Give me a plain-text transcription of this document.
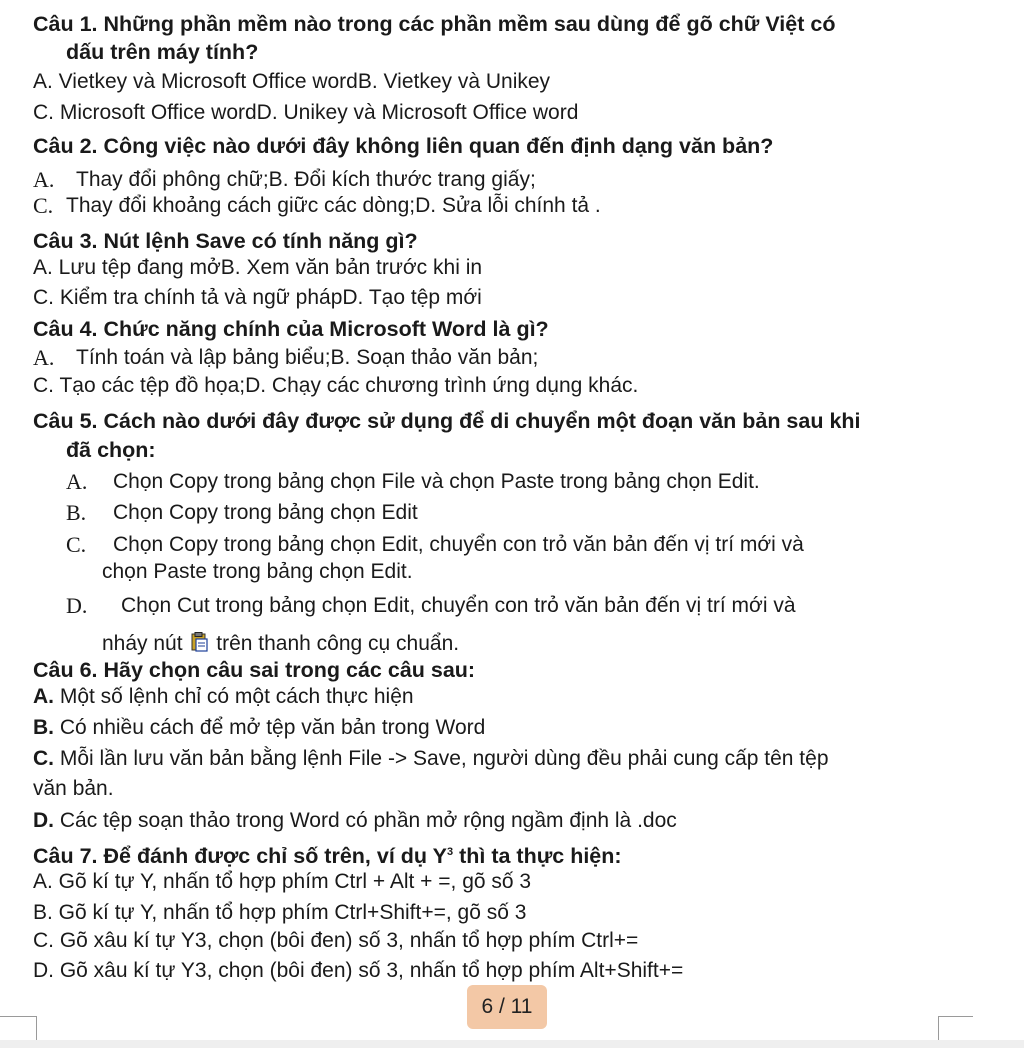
Câu 1. Những phần mềm nào trong các phần mềm sau dùng để gõ chữ Việt có
dấu trên máy tính?
A. Vietkey và Microsoft Office wordB. Vietkey và Unikey
C. Microsoft Office wordD. Unikey và Microsoft Office word
Câu 2. Công việc nào dưới đây không liên quan đến định dạng văn bản?
A. Thay đổi phông chữ;B. Đổi kích thước trang giấy;
C. Thay đổi khoảng cách giữc các dòng;D. Sửa lỗi chính tả .
Câu 3. Nút lệnh Save có tính năng gì?
A. Lưu tệp đang mởB. Xem văn bản trước khi in
C. Kiểm tra chính tả và ngữ phápD. Tạo tệp mới
Câu 4. Chức năng chính của Microsoft Word là gì?
A. Tính toán và lập bảng biểu;B. Soạn thảo văn bản;
C. Tạo các tệp đồ họa;D. Chạy các chương trình ứng dụng khác.
Câu 5. Cách nào dưới đây được sử dụng để di chuyển một đoạn văn bản sau khi
đã chọn:
A. Chọn Copy trong bảng chọn File và chọn Paste trong bảng chọn Edit.
B. Chọn Copy trong bảng chọn Edit
C. Chọn Copy trong bảng chọn Edit, chuyển con trỏ văn bản đến vị trí mới và
chọn Paste trong bảng chọn Edit.
D. Chọn Cut trong bảng chọn Edit, chuyển con trỏ văn bản đến vị trí mới và
nháy nút trên thanh công cụ chuẩn.
Câu 6. Hãy chọn câu sai trong các câu sau:
A. Một số lệnh chỉ có một cách thực hiện
B. Có nhiều cách để mở tệp văn bản trong Word
C. Mỗi lần lưu văn bản bằng lệnh File -> Save, người dùng đều phải cung cấp tên tệp
văn bản.
D. Các tệp soạn thảo trong Word có phần mở rộng ngầm định là .doc
Câu 7. Để đánh được chỉ số trên, ví dụ $Y^3$ thì ta thực hiện:
A. Gõ kí tự Y, nhấn tổ hợp phím Ctrl + Alt + =, gõ số 3
B. Gõ kí tự Y, nhấn tổ hợp phím Ctrl+Shift+=, gõ số 3
C. Gõ xâu kí tự Y3, chọn (bôi đen) số 3, nhấn tổ hợp phím Ctrl+=
D. Gõ xâu kí tự Y3, chọn (bôi đen) số 3, nhấn tổ hợp phím Alt+Shift+=
6 / 11
